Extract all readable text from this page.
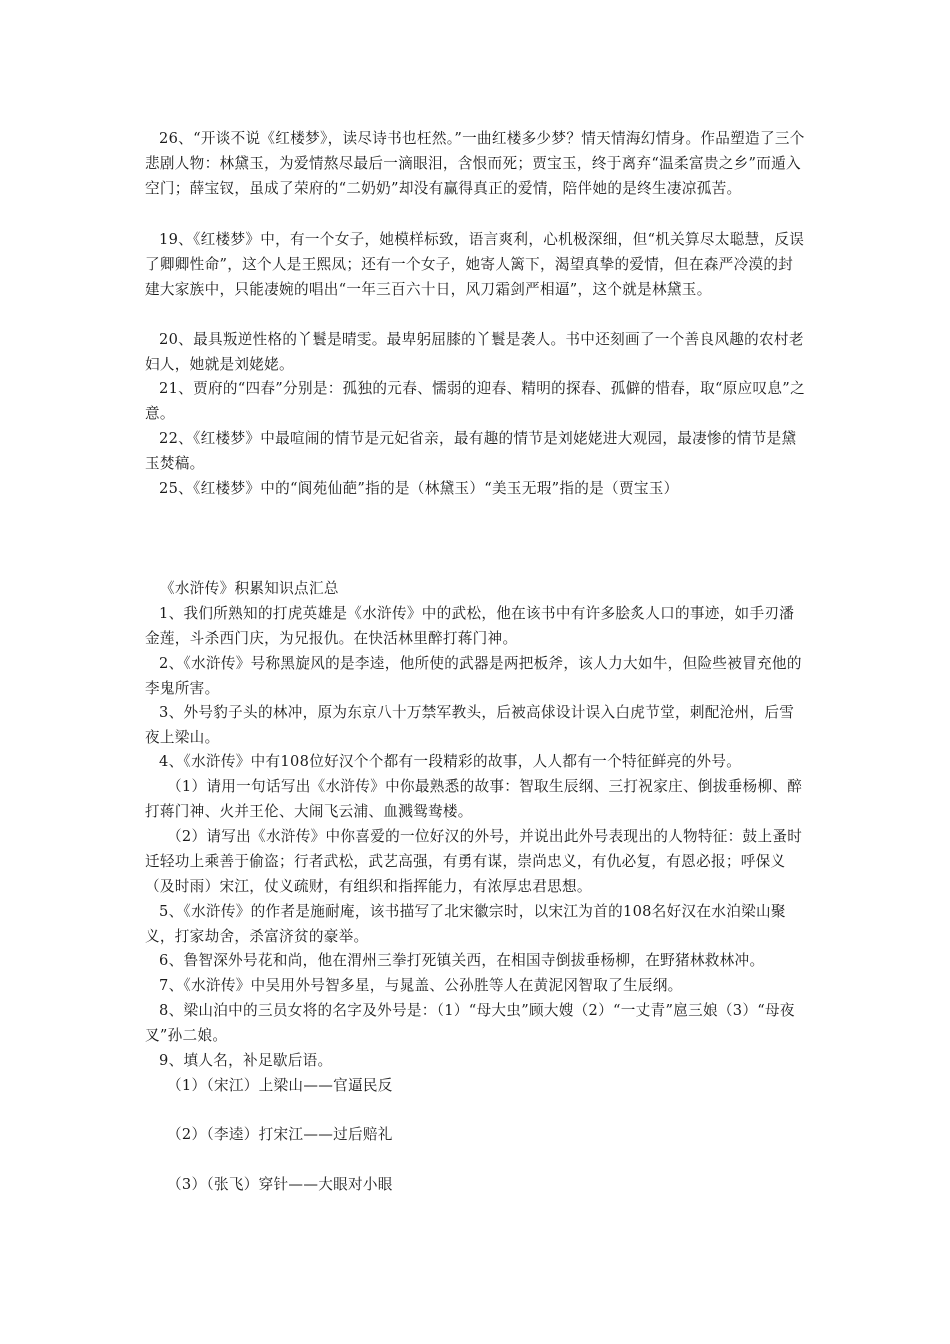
26、“开谈不说《红楼梦》，读尽诗书也枉然。”一曲红楼多少梦？情天情海幻情身。作品塑造了三个悲剧人物：林黛玉，为爱情熬尽最后一滴眼泪，含恨而死；贾宝玉，终于离弃“温柔富贵之乡”而遁入空门；薛宝钗，虽成了荣府的“二奶奶”却没有赢得真正的爱情，陪伴她的是终生凄凉孤苦。

19、《红楼梦》中，有一个女子，她模样标致，语言爽利，心机极深细，但“机关算尽太聪慧，反误了卿卿性命”，这个人是王熙凤；还有一个女子，她寄人篱下，渴望真挚的爱情，但在森严冷漠的封建大家族中，只能凄婉的唱出“一年三百六十日，风刀霜剑严相逼”，这个就是林黛玉。

20、最具叛逆性格的丫鬟是晴雯。最卑躬屈膝的丫鬟是袭人。书中还刻画了一个善良风趣的农村老妇人，她就是刘姥姥。

21、贾府的“四春”分别是：孤独的元春、懦弱的迎春、精明的探春、孤僻的惜春，取“原应叹息”之意。

22、《红楼梦》中最喧闹的情节是元妃省亲，最有趣的情节是刘姥姥进大观园，最凄惨的情节是黛玉焚稿。

25、《红楼梦》中的“阆苑仙葩”指的是（林黛玉）“美玉无瑕”指的是（贾宝玉）

《水浒传》积累知识点汇总

1、我们所熟知的打虎英雄是《水浒传》中的武松，他在该书中有许多脍炙人口的事迹，如手刃潘金莲，斗杀西门庆，为兄报仇。在快活林里醉打蒋门神。

2、《水浒传》号称黑旋风的是李逵，他所使的武器是两把板斧，该人力大如牛，但险些被冒充他的李鬼所害。

3、外号豹子头的林冲，原为东京八十万禁军教头，后被高俅设计误入白虎节堂，刺配沧州，后雪夜上梁山。

4、《水浒传》中有108位好汉个个都有一段精彩的故事，人人都有一个特征鲜亮的外号。

（1）请用一句话写出《水浒传》中你最熟悉的故事：智取生辰纲、三打祝家庄、倒拔垂杨柳、醉打蒋门神、火并王伦、大闹飞云浦、血溅鸳鸯楼。

（2）请写出《水浒传》中你喜爱的一位好汉的外号，并说出此外号表现出的人物特征：鼓上蚤时迁轻功上乘善于偷盗；行者武松，武艺高强，有勇有谋，崇尚忠义，有仇必复，有恩必报；呼保义（及时雨）宋江，仗义疏财，有组织和指挥能力，有浓厚忠君思想。

5、《水浒传》的作者是施耐庵，该书描写了北宋徽宗时，以宋江为首的108名好汉在水泊梁山聚义，打家劫舍，杀富济贫的豪举。

6、鲁智深外号花和尚，他在渭州三拳打死镇关西，在相国寺倒拔垂杨柳，在野猪林救林冲。

7、《水浒传》中吴用外号智多星，与晁盖、公孙胜等人在黄泥冈智取了生辰纲。

8、梁山泊中的三员女将的名字及外号是：（1）“母大虫”顾大嫂（2）“一丈青”扈三娘（3）“母夜叉”孙二娘。

9、填人名，补足歇后语。

（1）（宋江）上梁山——官逼民反

（2）（李逵）打宋江——过后赔礼

（3）（张飞）穿针——大眼对小眼
